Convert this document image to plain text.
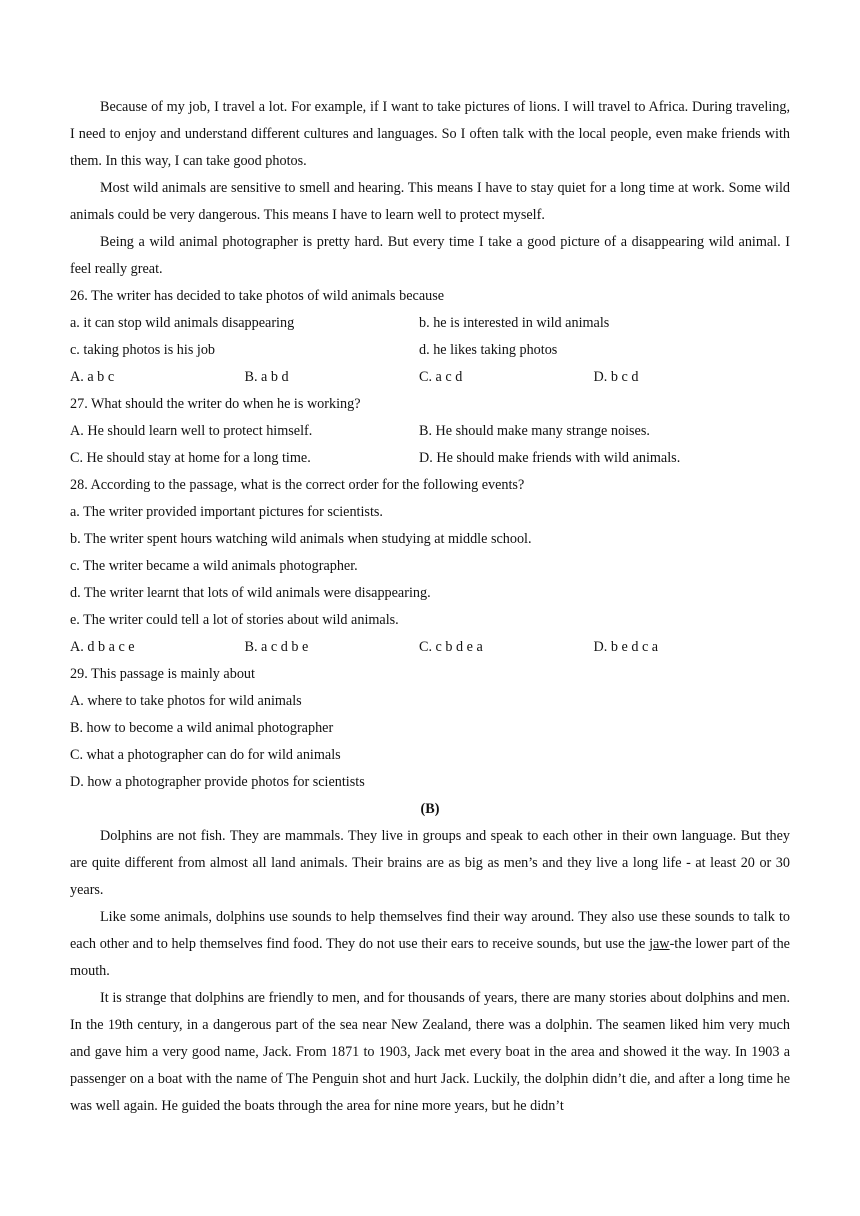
Because of my job, I travel a lot. For example, if I want to take pictures of lions. I will travel to Africa. During traveling, I need to enjoy and understand different cultures and languages. So I often talk with the local people, even make friends with them. In this way, I can take good photos.
Most wild animals are sensitive to smell and hearing. This means I have to stay quiet for a long time at work. Some wild animals could be very dangerous. This means I have to learn well to protect myself.
Being a wild animal photographer is pretty hard. But every time I take a good picture of a disappearing wild animal. I feel really great.
26. The writer has decided to take photos of wild animals because
a. it can stop wild animals disappearing	b. he is interested in wild animals
c. taking photos is his job	d. he likes taking photos
A. a b c	B. a b d	C. a c d	D. b c d
27. What should the writer do when he is working?
A. He should learn well to protect himself.	B. He should make many strange noises.
C. He should stay at home for a long time.	D. He should make friends with wild animals.
28. According to the passage, what is the correct order for the following events?
a. The writer provided important pictures for scientists.
b. The writer spent hours watching wild animals when studying at middle school.
c. The writer became a wild animals photographer.
d. The writer learnt that lots of wild animals were disappearing.
e. The writer could tell a lot of stories about wild animals.
A. d b a c e	B. a c d b e	C. c b d e a	D. b e d c a
29. This passage is mainly about
A. where to take photos for wild animals
B. how to become a wild animal photographer
C. what a photographer can do for wild animals
D. how a photographer provide photos for scientists
(B)
Dolphins are not fish. They are mammals. They live in groups and speak to each other in their own language. But they are quite different from almost all land animals. Their brains are as big as men’s and they live a long life - at least 20 or 30 years.
Like some animals, dolphins use sounds to help themselves find their way around. They also use these sounds to talk to each other and to help themselves find food. They do not use their ears to receive sounds, but use the jaw-the lower part of the mouth.
It is strange that dolphins are friendly to men, and for thousands of years, there are many stories about dolphins and men. In the 19th century, in a dangerous part of the sea near New Zealand, there was a dolphin. The seamen liked him very much and gave him a very good name, Jack. From 1871 to 1903, Jack met every boat in the area and showed it the way. In 1903 a passenger on a boat with the name of The Penguin shot and hurt Jack. Luckily, the dolphin didn’t die, and after a long time he was well again. He guided the boats through the area for nine more years, but he didn’t
